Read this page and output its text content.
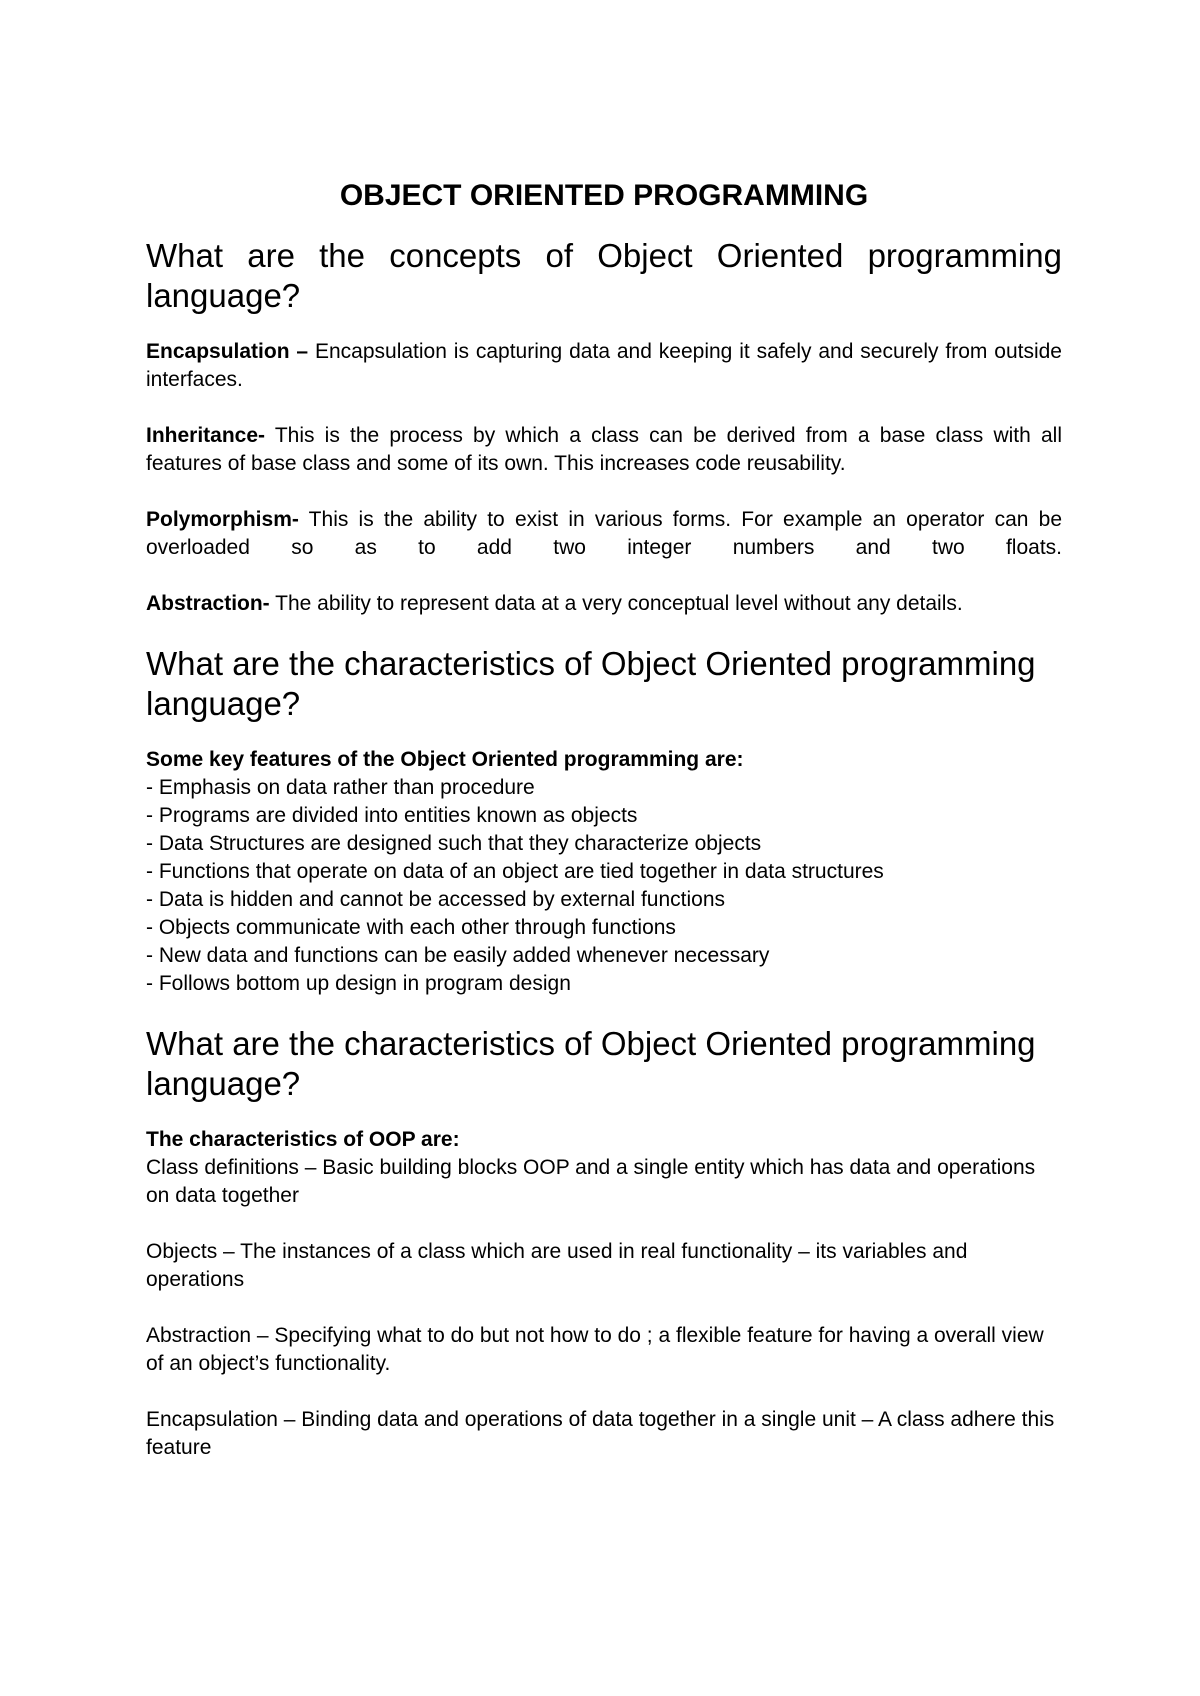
OBJECT ORIENTED PROGRAMMING
What are the concepts of Object Oriented programming language?

Encapsulation – Encapsulation is capturing data and keeping it safely and securely from outside interfaces.

Inheritance- This is the process by which a class can be derived from a base class with all features of base class and some of its own. This increases code reusability.

Polymorphism- This is the ability to exist in various forms. For example an operator can be overloaded so as to add two integer numbers and two floats.

Abstraction- The ability to represent data at a very conceptual level without any details.

What are the characteristics of Object Oriented programming language?

Some key features of the Object Oriented programming are:

- Emphasis on data rather than procedure
- Programs are divided into entities known as objects
- Data Structures are designed such that they characterize objects
- Functions that operate on data of an object are tied together in data structures
- Data is hidden and cannot be accessed by external functions
- Objects communicate with each other through functions
- New data and functions can be easily added whenever necessary
- Follows bottom up design in program design
What are the characteristics of Object Oriented programming language?

The characteristics of OOP are:

Class definitions – Basic building blocks OOP and a single entity which has data and operations on data together

Objects – The instances of a class which are used in real functionality – its variables and operations

Abstraction – Specifying what to do but not how to do ; a flexible feature for having a overall view of an object’s functionality.

Encapsulation – Binding data and operations of data together in a single unit – A class adhere this feature
